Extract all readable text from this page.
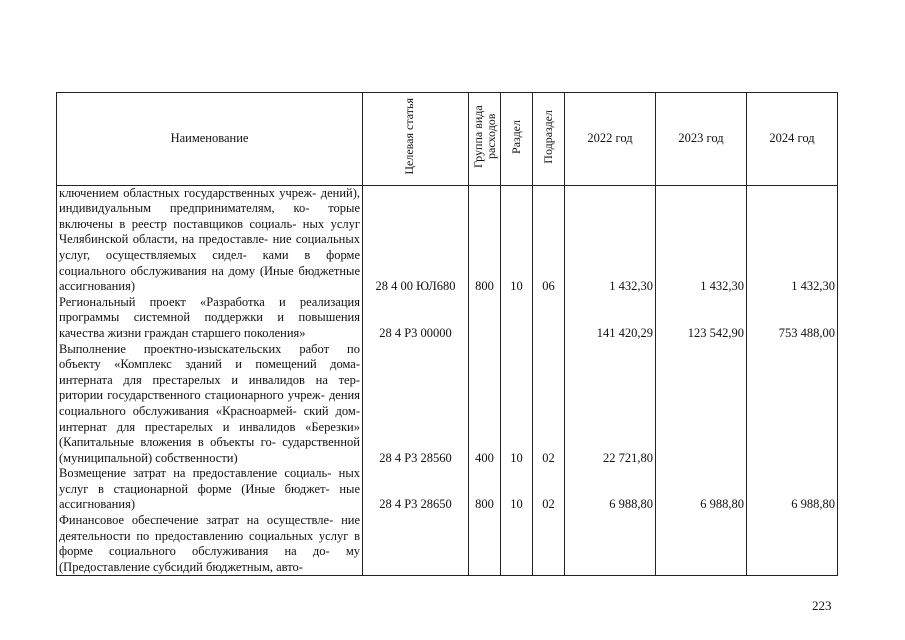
Наименование	Целевая статья	Группа вида расходов	Раздел	Подраздел	2022 год	2023 год	2024 год
ключением областных государственных учреж- дений), индивидуальным предпринимателям, ко- торые включены в реестр поставщиков социаль- ных услуг Челябинской области, на предоставле- ние социальных услуг, осуществляемых сидел- ками в форме социального обслуживания на дому (Иные бюджетные ассигнования)	28 4 00 ЮЛ680	800	10	06	1 432,30	1 432,30	1 432,30
Региональный проект «Разработка и реализация программы системной поддержки и повышения качества жизни граждан старшего поколения»	28 4 P3 00000				141 420,29	123 542,90	753 488,00
Выполнение проектно-изыскательских работ по объекту «Комплекс зданий и помещений дома- интерната для престарелых и инвалидов на тер- ритории государственного стационарного учреж- дения социального обслуживания «Красноармей- ский дом-интернат для престарелых и инвалидов «Березки» (Капитальные вложения в объекты го- сударственной (муниципальной) собственности)	28 4 P3 28560	400	10	02	22 721,80		
Возмещение затрат на предоставление социаль- ных услуг в стационарной форме (Иные бюджет- ные ассигнования)	28 4 P3 28650	800	10	02	6 988,80	6 988,80	6 988,80
Финансовое обеспечение затрат на осуществле- ние деятельности по предоставлению социальных услуг в форме социального обслуживания на до- му (Предоставление субсидий бюджетным, авто-							
223
